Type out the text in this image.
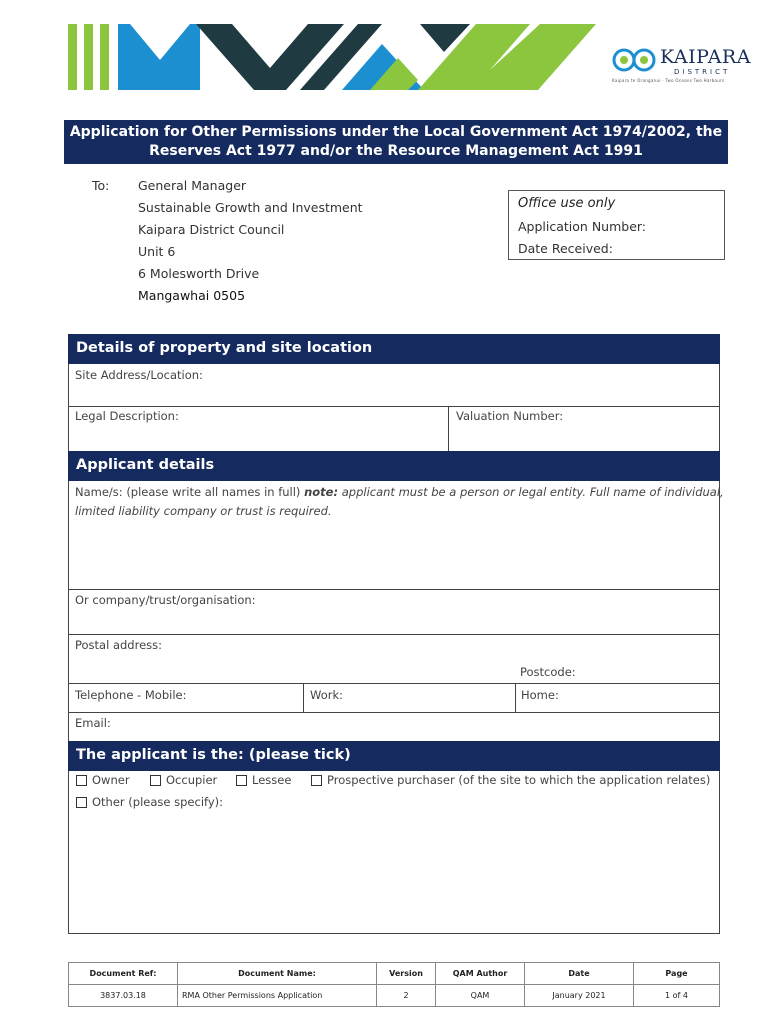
KAIPARA
DISTRICT
Kaipara te Oranganui · Two Oceans Two Harbours
Application for Other Permissions under the Local Government Act 1974/2002, the
Reserves Act 1977 and/or the Resource Management Act 1991
To: General Manager
Sustainable Growth and Investment
Kaipara District Council
Unit 6
6 Molesworth Drive
Mangawhai 0505
Office use only
Application Number:
Date Received:
Details of property and site location
Site Address/Location:
Legal Description:	Valuation Number:
Applicant details
Name/s: (please write all names in full) note: applicant must be a person or legal entity. Full name of individual,
limited liability company or trust is required.
Or company/trust/organisation:
Postal address:
Postcode:
Telephone - Mobile:	Work:	Home:
Email:
The applicant is the: (please tick)
Owner	Occupier	Lessee	Prospective purchaser (of the site to which the application relates)
Other (please specify):
Document Ref:	Document Name:	Version	QAM Author	Date	Page
3837.03.18	RMA Other Permissions Application	2	QAM	January 2021	1 of 4
